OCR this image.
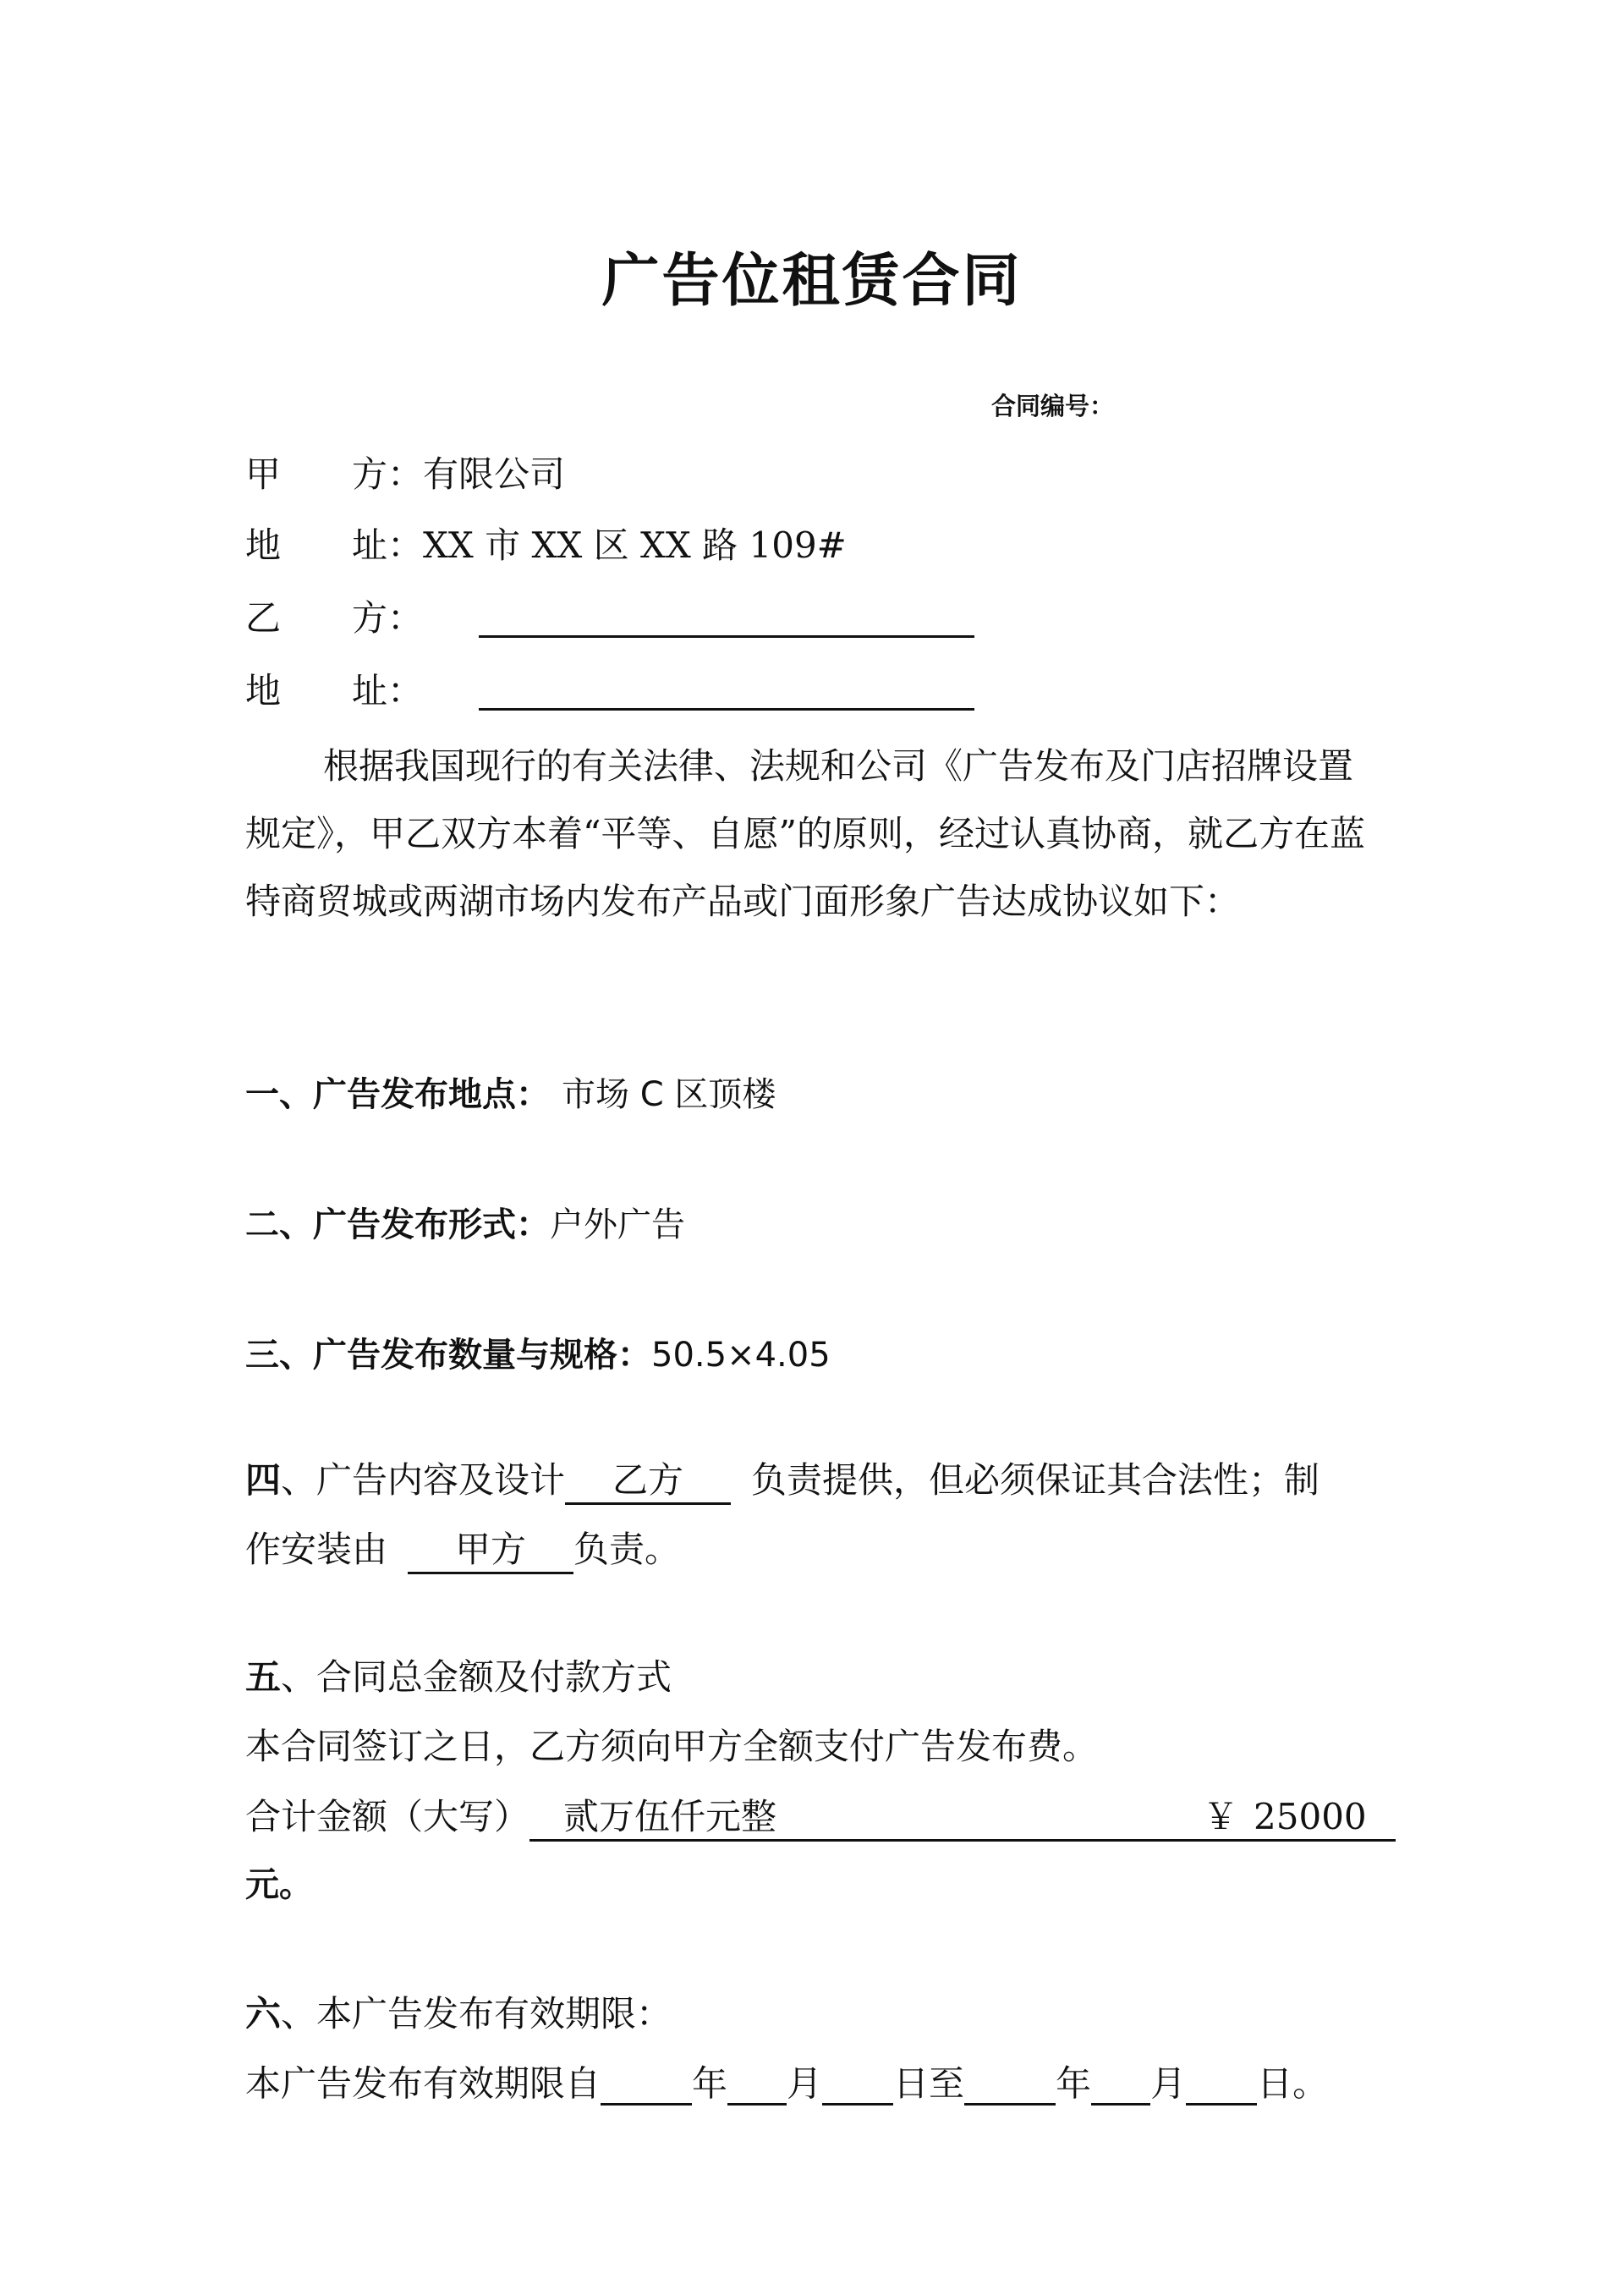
广告位租赁合同
合同编号：
甲　　方：有限公司
地　　址：XX 市 XX 区 XX 路 109#
乙　　方：
地　　址：
根据我国现行的有关法律、法规和公司《广告发布及门店招牌设置规定》，甲乙双方本着“平等、自愿”的原则，经过认真协商，就乙方在蓝特商贸城或两湖市场内发布产品或门面形象广告达成协议如下：
一、广告发布地点： 市场 C 区顶楼
二、广告发布形式：户外广告
三、广告发布数量与规格：50.5×4.05
四、广告内容及设计 乙方 负责提供，但必须保证其合法性；制
作安装由 甲方 负责。
五、合同总金额及付款方式
本合同签订之日，乙方须向甲方全额支付广告发布费。
合计金额（大写） 贰万伍仟元整	￥ 25000
元。
六、本广告发布有效期限：
本广告发布有效期限自	年 月 日至	年 月 日。
